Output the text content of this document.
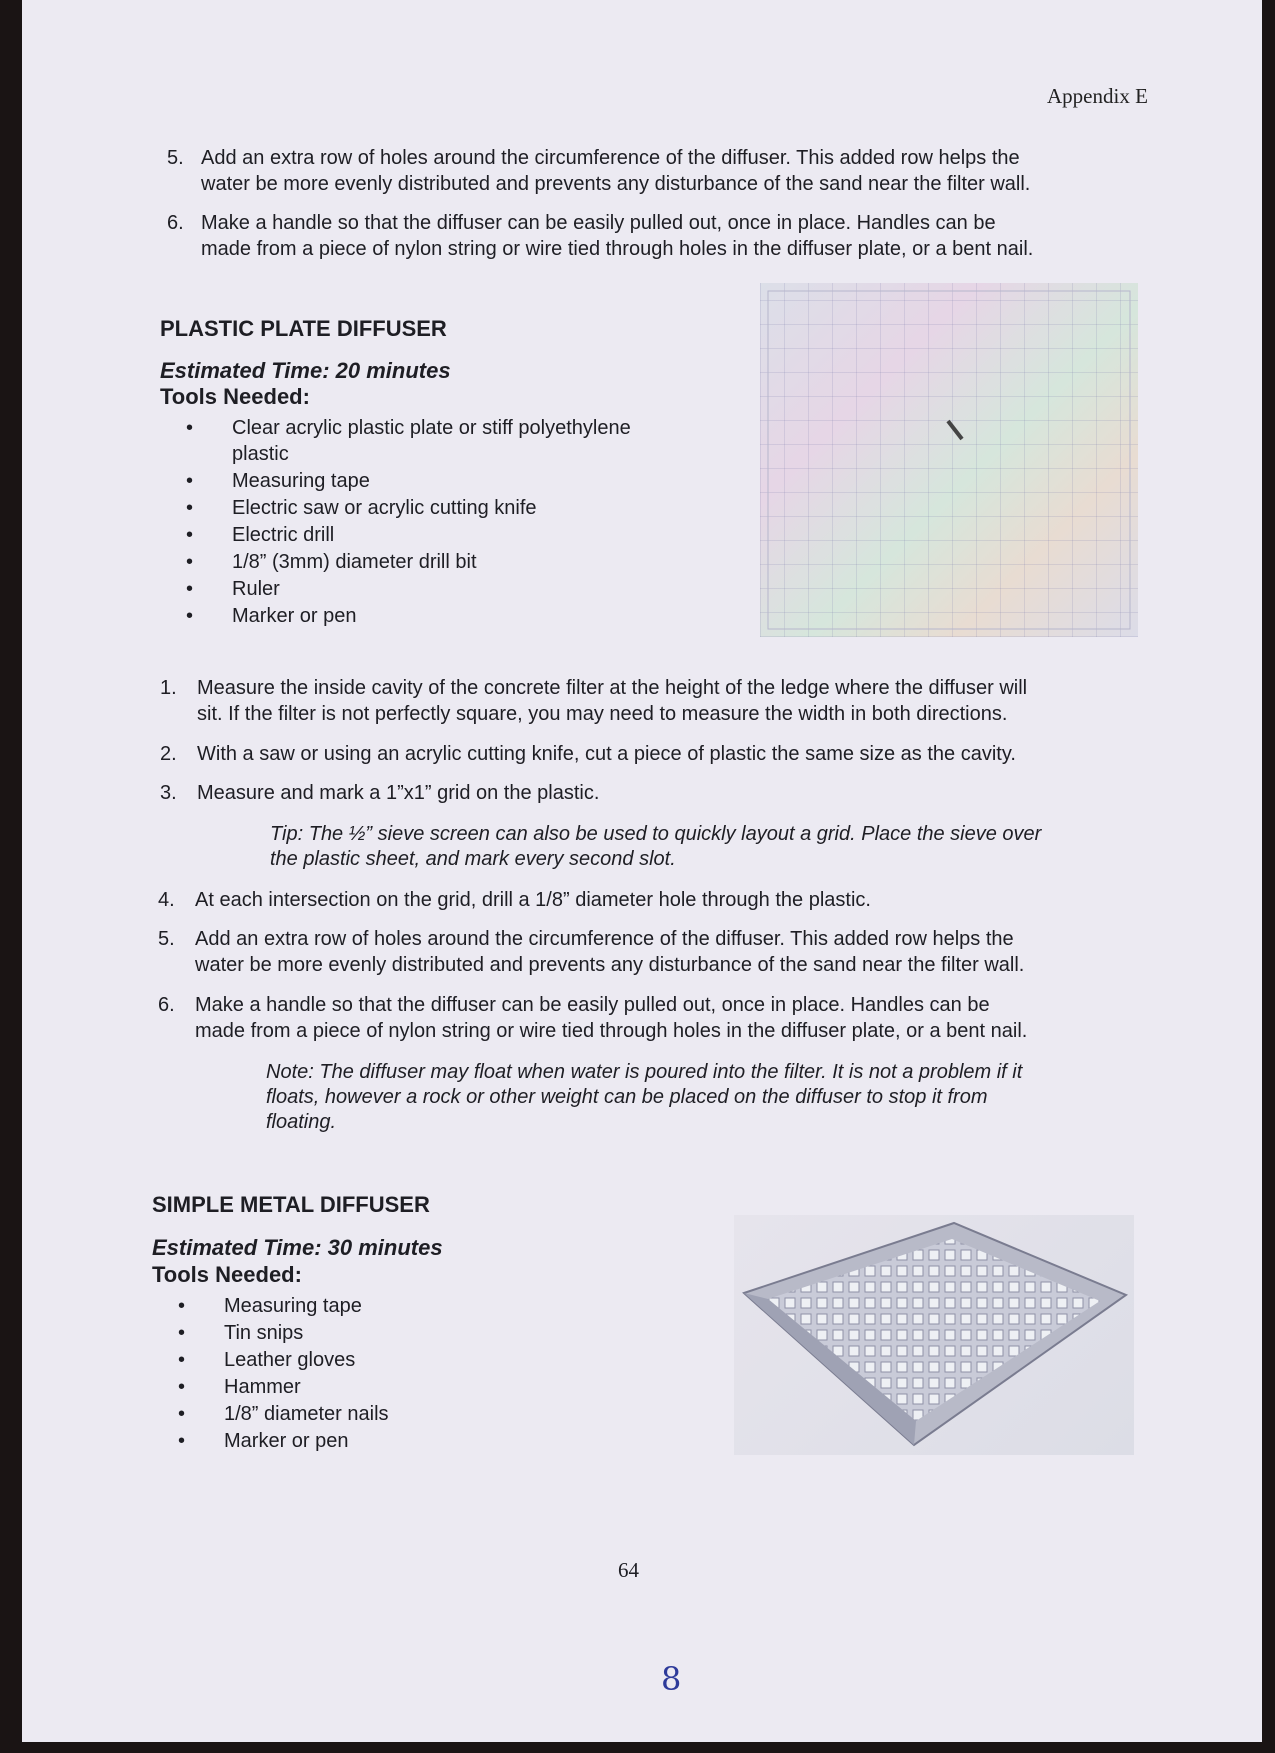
Appendix E
5. Add an extra row of holes around the circumference of the diffuser. This added row helps the
water be more evenly distributed and prevents any disturbance of the sand near the filter wall.
6. Make a handle so that the diffuser can be easily pulled out, once in place. Handles can be
made from a piece of nylon string or wire tied through holes in the diffuser plate, or a bent nail.
PLASTIC PLATE DIFFUSER
Estimated Time: 20 minutes
Tools Needed:
• Clear acrylic plastic plate or stiff polyethylene
plastic
• Measuring tape
• Electric saw or acrylic cutting knife
• Electric drill
• 1/8” (3mm) diameter drill bit
• Ruler
• Marker or pen
1. Measure the inside cavity of the concrete filter at the height of the ledge where the diffuser will
sit. If the filter is not perfectly square, you may need to measure the width in both directions.
2. With a saw or using an acrylic cutting knife, cut a piece of plastic the same size as the cavity.
3. Measure and mark a 1”x1” grid on the plastic.
Tip: The ½” sieve screen can also be used to quickly layout a grid. Place the sieve over
the plastic sheet, and mark every second slot.
4. At each intersection on the grid, drill a 1/8” diameter hole through the plastic.
5. Add an extra row of holes around the circumference of the diffuser. This added row helps the
water be more evenly distributed and prevents any disturbance of the sand near the filter wall.
6. Make a handle so that the diffuser can be easily pulled out, once in place. Handles can be
made from a piece of nylon string or wire tied through holes in the diffuser plate, or a bent nail.
Note: The diffuser may float when water is poured into the filter. It is not a problem if it
floats, however a rock or other weight can be placed on the diffuser to stop it from
floating.
SIMPLE METAL DIFFUSER
Estimated Time: 30 minutes
Tools Needed:
• Measuring tape
• Tin snips
• Leather gloves
• Hammer
• 1/8” diameter nails
• Marker or pen
64
8
